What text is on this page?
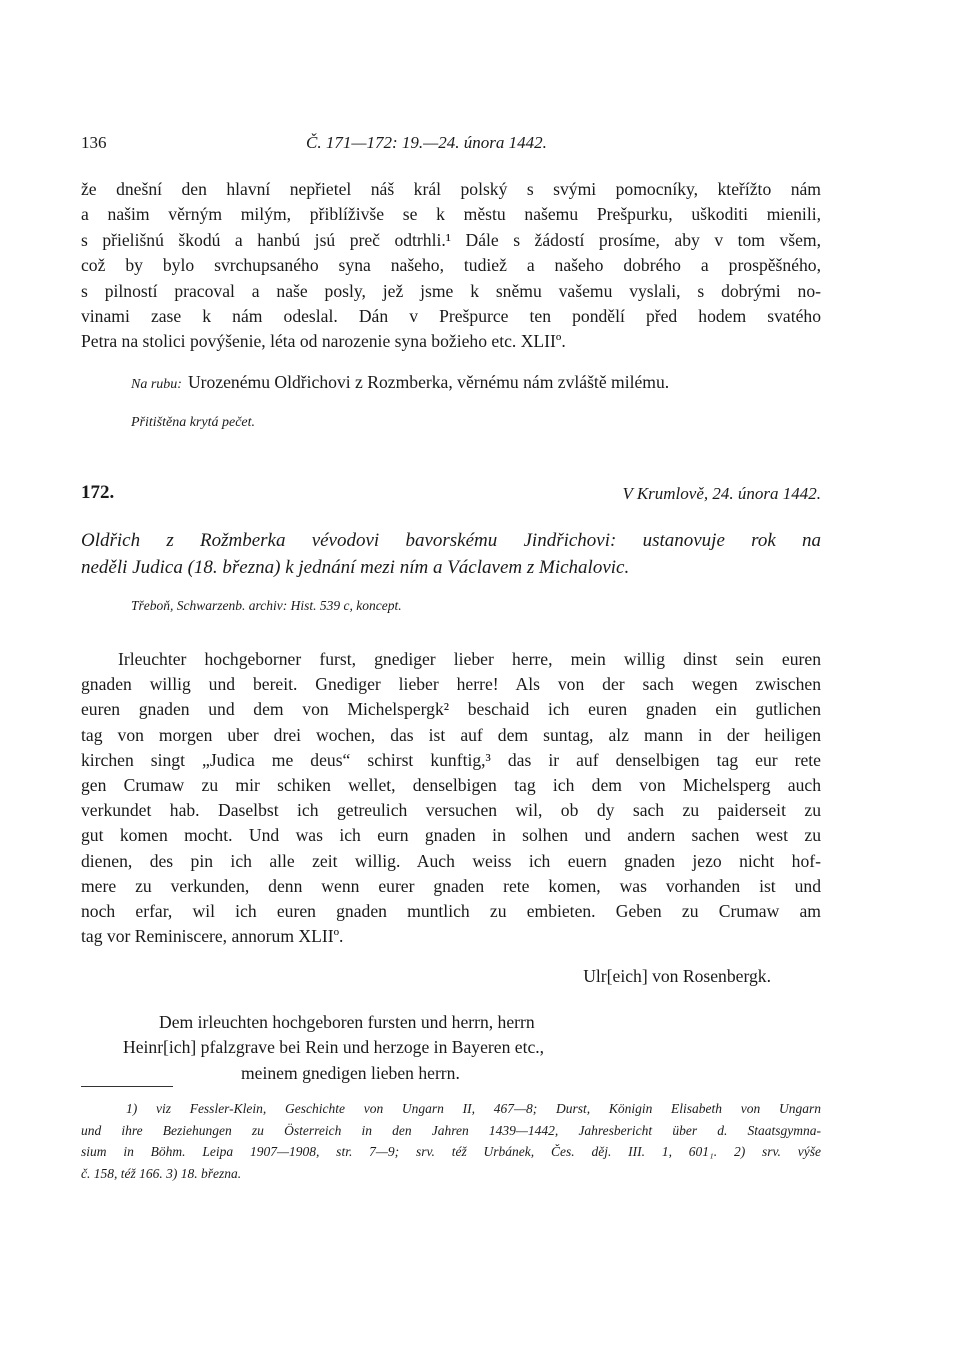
136	Č. 171—172: 19.—24. února 1442.
že dnešní den hlavní nepřietel náš král polský s svými pomocníky, kteřížto nám
a našim věrným milým, přiblíživše se k městu našemu Prešpurku, uškoditi mienili,
s přielišnú škodú a hanbú jsú preč odtrhli.¹ Dále s žádostí prosíme, aby v tom všem,
což by bylo svrchupsaného syna našeho, tudiež a našeho dobrého a prospěšného,
s pilností pracoval a naše posly, jež jsme k sněmu vašemu vyslali, s dobrými no-
vinami zase k nám odeslal. Dán v Prešpurce ten pondělí před hodem svatého
Petra na stolici povýšenie, léta od narozenie syna božieho etc. XLIIº.
Na rubu: Urozenému Oldřichovi z Rozmberka, věrnému nám zvláště milému.
Přitištěna krytá pečet.
172.	V Krumlově, 24. února 1442.
Oldřich z Rožmberka vévodovi bavorskému Jindřichovi: ustanovuje rok na
neděli Judica (18. března) k jednání mezi ním a Václavem z Michalovic.
Třeboň, Schwarzenb. archiv: Hist. 539 c, koncept.
Irleuchter hochgeborner furst, gnediger lieber herre, mein willig dinst sein euren
gnaden willig und bereit. Gnediger lieber herre! Als von der sach wegen zwischen
euren gnaden und dem von Michelspergk² beschaid ich euren gnaden ein gutlichen
tag von morgen uber drei wochen, das ist auf dem suntag, alz mann in der heiligen
kirchen singt „Judica me deus“ schirst kunftig,³ das ir auf denselbigen tag eur rete
gen Crumaw zu mir schiken wellet, denselbigen tag ich dem von Michelsperg auch
verkundet hab. Daselbst ich getreulich versuchen wil, ob dy sach zu paiderseit zu
gut komen mocht. Und was ich eurn gnaden in solhen und andern sachen west zu
dienen, des pin ich alle zeit willig. Auch weiss ich euern gnaden jezo nicht hof-
mere zu verkunden, denn wenn eurer gnaden rete komen, was vorhanden ist und
noch erfar, wil ich euren gnaden muntlich zu embieten. Geben zu Crumaw am
tag vor Reminiscere, annorum XLIIº.
Ulr[eich] von Rosenbergk.
Dem irleuchten hochgeboren fursten und herrn, herrn
Heinr[ich] pfalzgrave bei Rein und herzoge in Bayeren etc.,
meinem gnedigen lieben herrn.
1) viz Fessler-Klein, Geschichte von Ungarn II, 467—8; Durst, Königin Elisabeth von Ungarn
und ihre Beziehungen zu Österreich in den Jahren 1439—1442, Jahresbericht über d. Staatsgymna-
sium in Böhm. Leipa 1907—1908, str. 7—9; srv. též Urbánek, Čes. děj. III. 1, 601₁. 2) srv. výše
č. 158, též 166. 3) 18. března.
